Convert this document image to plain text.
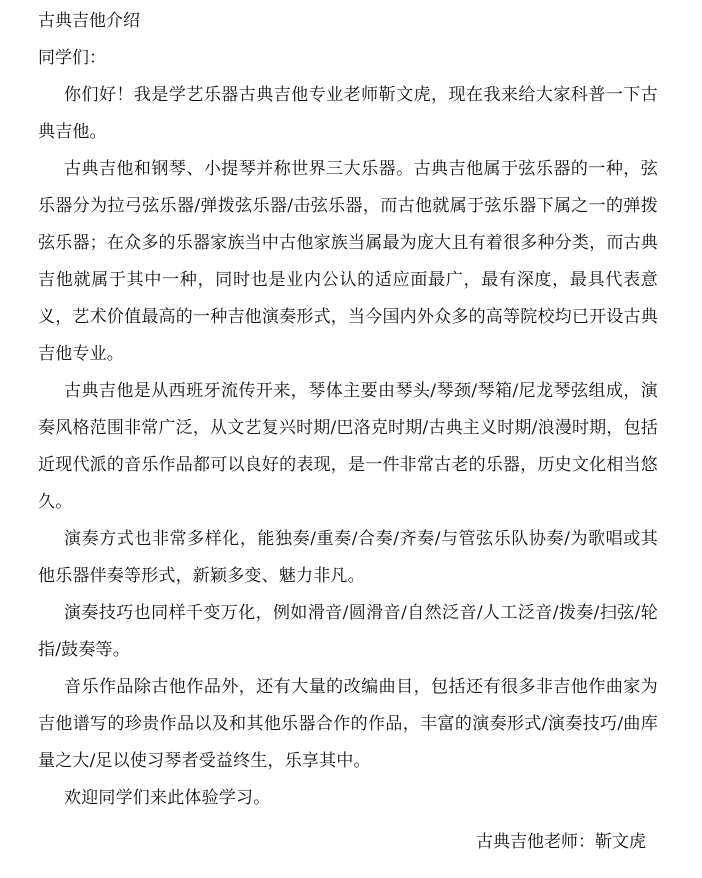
古典吉他介绍

同学们：

你们好！我是学艺乐器古典吉他专业老师靳文虎，现在我来给大家科普一下古典吉他。

古典吉他和钢琴、小提琴并称世界三大乐器。古典吉他属于弦乐器的一种，弦乐器分为拉弓弦乐器/弹拨弦乐器/击弦乐器，而古他就属于弦乐器下属之一的弹拨弦乐器；在众多的乐器家族当中古他家族当属最为庞大且有着很多种分类，而古典吉他就属于其中一种，同时也是业内公认的适应面最广，最有深度，最具代表意义，艺术价值最高的一种吉他演奏形式，当今国内外众多的高等院校均已开设古典吉他专业。

古典吉他是从西班牙流传开来，琴体主要由琴头/琴颈/琴箱/尼龙琴弦组成，演奏风格范围非常广泛，从文艺复兴时期/巴洛克时期/古典主义时期/浪漫时期，包括近现代派的音乐作品都可以良好的表现，是一件非常古老的乐器，历史文化相当悠久。

演奏方式也非常多样化，能独奏/重奏/合奏/齐奏/与管弦乐队协奏/为歌唱或其他乐器伴奏等形式，新颖多变、魅力非凡。

演奏技巧也同样千变万化，例如滑音/圆滑音/自然泛音/人工泛音/拨奏/扫弦/轮指/鼓奏等。

音乐作品除古他作品外，还有大量的改编曲目，包括还有很多非吉他作曲家为吉他谱写的珍贵作品以及和其他乐器合作的作品，丰富的演奏形式/演奏技巧/曲库量之大/足以使习琴者受益终生，乐享其中。

欢迎同学们来此体验学习。

古典吉他老师：靳文虎
